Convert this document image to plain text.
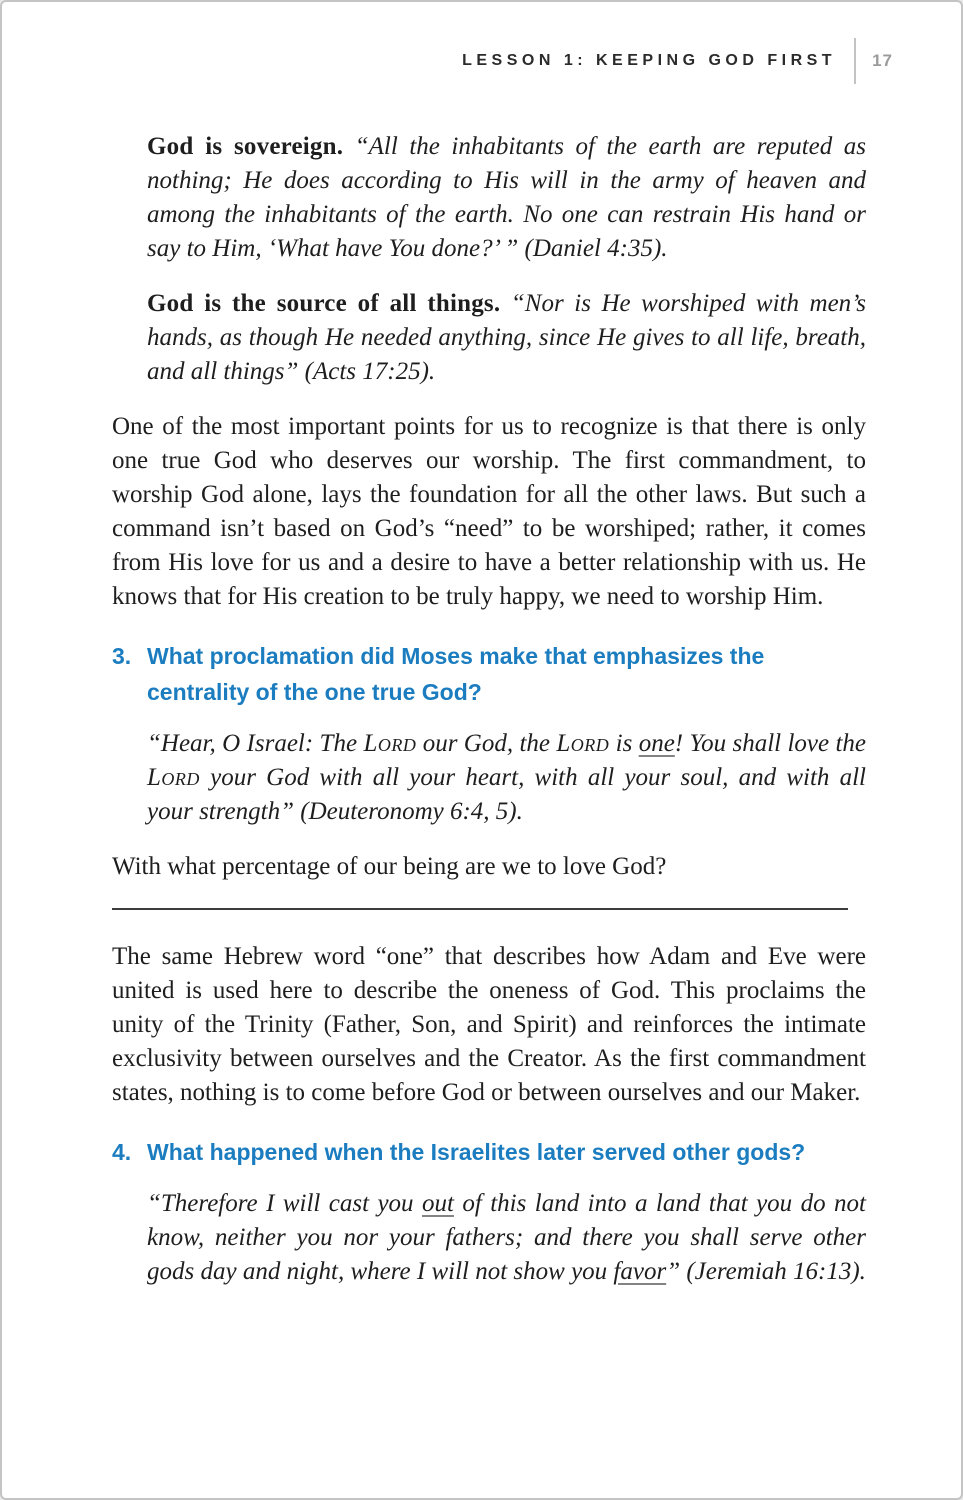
LESSON 1: KEEPING GOD FIRST 17

God is sovereign. “All the inhabitants of the earth are reputed as nothing; He does according to His will in the army of heaven and among the inhabitants of the earth. No one can restrain His hand or say to Him, ‘What have You done?’ ” (Daniel 4:35).

God is the source of all things. “Nor is He worshiped with men’s hands, as though He needed anything, since He gives to all life, breath, and all things” (Acts 17:25).

One of the most important points for us to recognize is that there is only one true God who deserves our worship. The first commandment, to worship God alone, lays the foundation for all the other laws. But such a command isn’t based on God’s “need” to be worshiped; rather, it comes from His love for us and a desire to have a better relationship with us. He knows that for His creation to be truly happy, we need to worship Him.

3. What proclamation did Moses make that emphasizes the centrality of the one true God?

“Hear, O Israel: The Lord our God, the Lord is one! You shall love the Lord your God with all your heart, with all your soul, and with all your strength” (Deuteronomy 6:4, 5).

With what percentage of our being are we to love God?

The same Hebrew word “one” that describes how Adam and Eve were united is used here to describe the oneness of God. This proclaims the unity of the Trinity (Father, Son, and Spirit) and reinforces the intimate exclusivity between ourselves and the Creator. As the first commandment states, nothing is to come before God or between ourselves and our Maker.

4. What happened when the Israelites later served other gods?

“Therefore I will cast you out of this land into a land that you do not know, neither you nor your fathers; and there you shall serve other gods day and night, where I will not show you favor” (Jeremiah 16:13).
